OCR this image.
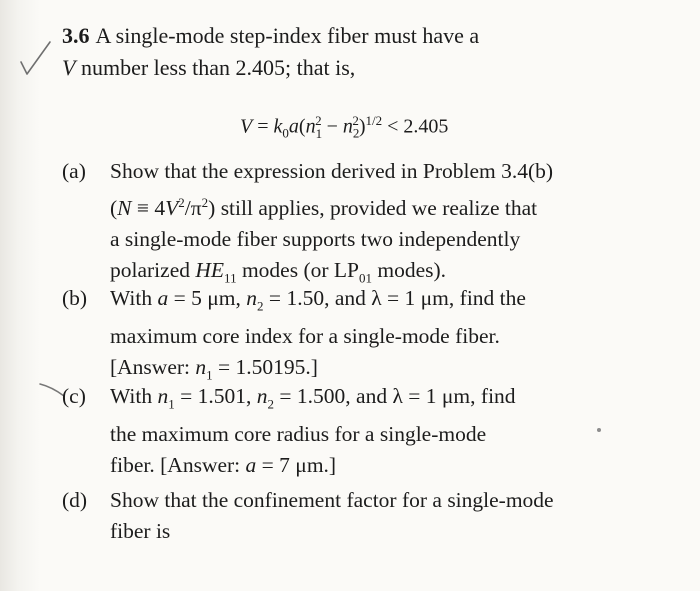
3.6 A single-mode step-index fiber must have a
V number less than 2.405; that is,
$V = k_0a(n_1^2 - n_2^2)^{1/2} < 2.405$
(a)	Show that the expression derived in Problem 3.4(b)
$(N \equiv 4V^2/\pi^2)$ still applies, provided we realize that
a single-mode fiber supports two independently
polarized $HE_{11}$ modes (or $LP_{01}$ modes).
(b)	With a = 5 μm, $n_2 = 1.50$, and λ = 1 μm, find the
maximum core index for a single-mode fiber.
[Answer: $n_1 = 1.50195$.]
(c)	With $n_1 = 1.501$, $n_2 = 1.500$, and λ = 1 μm, find
the maximum core radius for a single-mode
fiber. [Answer: a = 7 μm.]
(d)	Show that the confinement factor for a single-mode
fiber is
